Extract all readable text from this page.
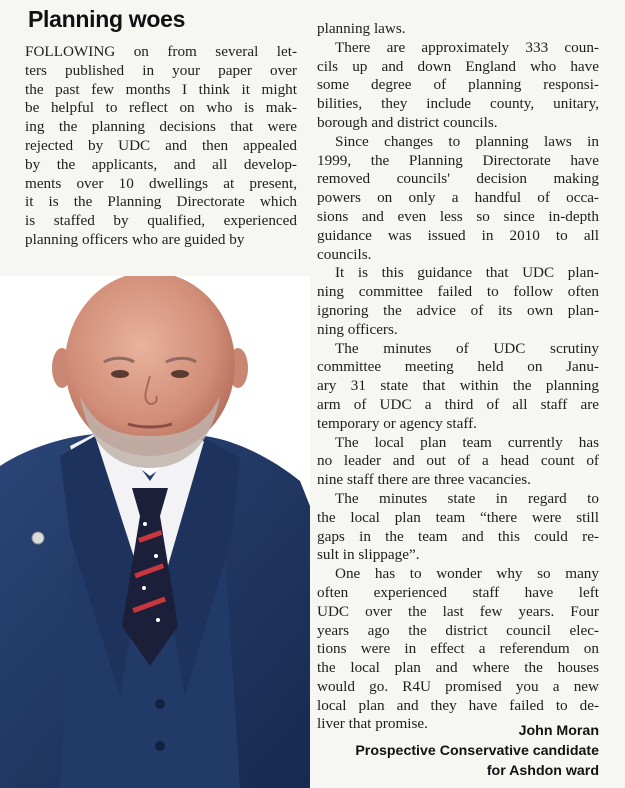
Planning woes
FOLLOWING on from several let-
ters published in your paper over
the past few months I think it might
be helpful to reflect on who is mak-
ing the planning decisions that were
rejected by UDC and then appealed
by the applicants, and all develop-
ments over 10 dwellings at present,
it is the Planning Directorate which
is staffed by qualified, experienced
planning officers who are guided by
planning laws.
There are approximately 333 coun-
cils up and down England who have
some degree of planning responsi-
bilities, they include county, unitary,
borough and district councils.
Since changes to planning laws in
1999, the Planning Directorate have
removed councils' decision making
powers on only a handful of occa-
sions and even less so since in-depth
guidance was issued in 2010 to all
councils.
It is this guidance that UDC plan-
ning committee failed to follow often
ignoring the advice of its own plan-
ning officers.
The minutes of UDC scrutiny
committee meeting held on Janu-
ary 31 state that within the planning
arm of UDC a third of all staff are
temporary or agency staff.
The local plan team currently has
no leader and out of a head count of
nine staff there are three vacancies.
The minutes state in regard to
the local plan team “there were still
gaps in the team and this could re-
sult in slippage”.
One has to wonder why so many
often experienced staff have left
UDC over the last few years. Four
years ago the district council elec-
tions were in effect a referendum on
the local plan and where the houses
would go. R4U promised you a new
local plan and they have failed to de-
liver that promise.	John Moran
Prospective Conservative candidate
for Ashdon ward
